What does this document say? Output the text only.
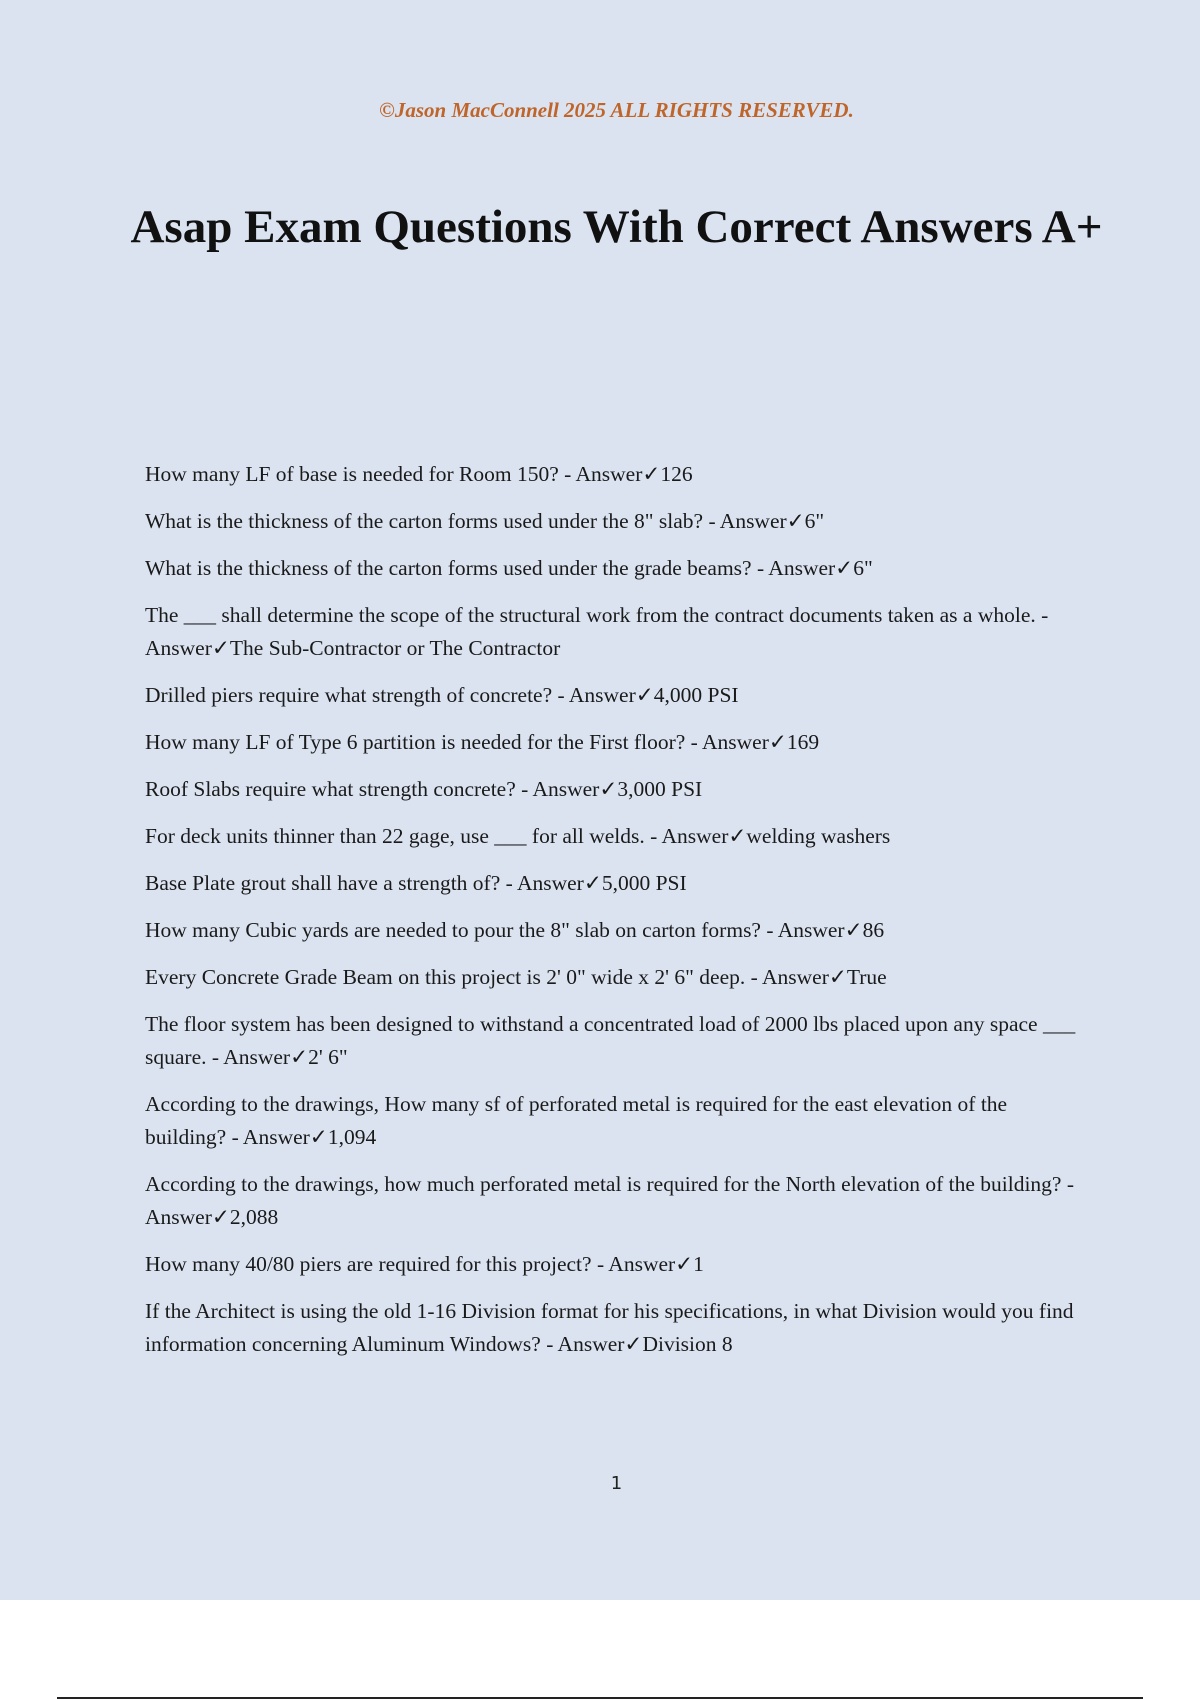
©Jason MacConnell 2025 ALL RIGHTS RESERVED.
Asap Exam Questions With Correct Answers A+
How many LF of base is needed for Room 150? - Answer✓126
What is the thickness of the carton forms used under the 8" slab? - Answer✓6"
What is the thickness of the carton forms used under the grade beams? - Answer✓6"
The ___ shall determine the scope of the structural work from the contract documents taken as a whole. - Answer✓The Sub-Contractor or The Contractor
Drilled piers require what strength of concrete? - Answer✓4,000 PSI
How many LF of Type 6 partition is needed for the First floor? - Answer✓169
Roof Slabs require what strength concrete? - Answer✓3,000 PSI
For deck units thinner than 22 gage, use ___ for all welds. - Answer✓welding washers
Base Plate grout shall have a strength of? - Answer✓5,000 PSI
How many Cubic yards are needed to pour the 8" slab on carton forms? - Answer✓86
Every Concrete Grade Beam on this project is 2' 0" wide x 2' 6" deep. - Answer✓True
The floor system has been designed to withstand a concentrated load of 2000 lbs placed upon any space ___ square. - Answer✓2' 6"
According to the drawings, How many sf of perforated metal is required for the east elevation of the building? - Answer✓1,094
According to the drawings, how much perforated metal is required for the North elevation of the building? - Answer✓2,088
How many 40/80 piers are required for this project? - Answer✓1
If the Architect is using the old 1-16 Division format for his specifications, in what Division would you find information concerning Aluminum Windows? - Answer✓Division 8
1
